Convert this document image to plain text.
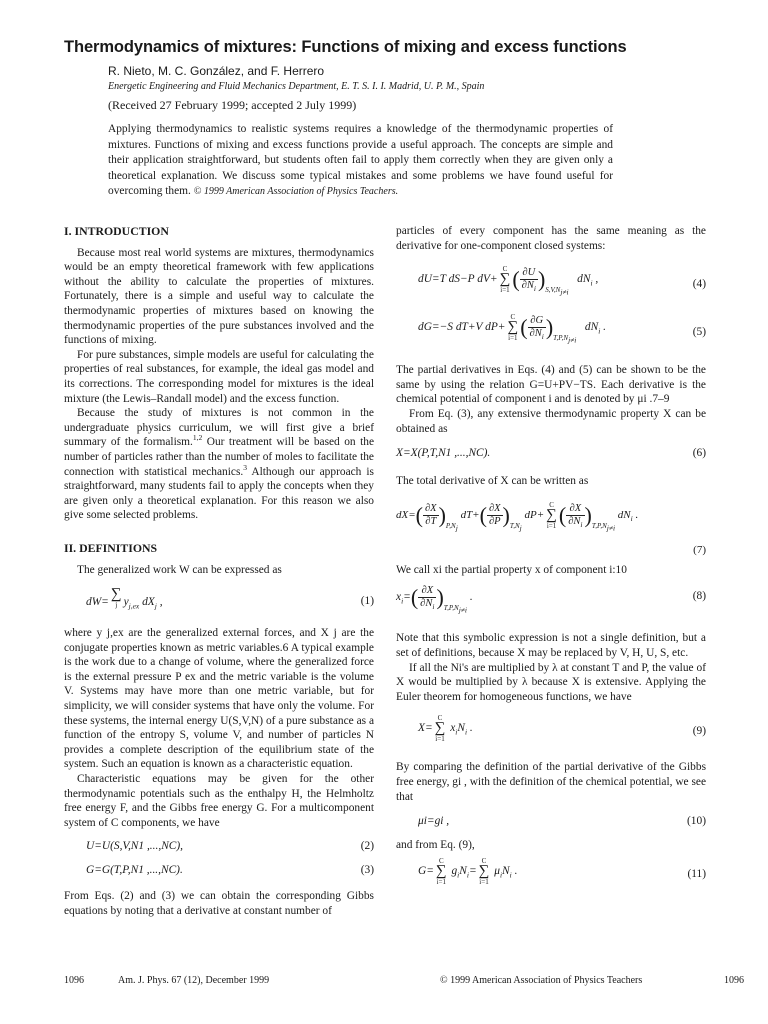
Thermodynamics of mixtures: Functions of mixing and excess functions
R. Nieto, M. C. González, and F. Herrero
Energetic Engineering and Fluid Mechanics Department, E. T. S. I. I. Madrid, U. P. M., Spain
(Received 27 February 1999; accepted 2 July 1999)
Applying thermodynamics to realistic systems requires a knowledge of the thermodynamic properties of mixtures. Functions of mixing and excess functions provide a useful approach. The concepts are simple and their application straightforward, but students often fail to apply them correctly when they are given only a theoretical explanation. We discuss some typical mistakes and some problems we have found useful for overcoming them. © 1999 American Association of Physics Teachers.

I. INTRODUCTION

Because most real world systems are mixtures, thermodynamics would be an empty theoretical framework with few applications without the ability to calculate the properties of mixtures. Fortunately, there is a simple and useful way to calculate the thermodynamic properties of mixtures based on knowing the thermodynamic properties of the pure substances involved and the functions of mixing.

For pure substances, simple models are useful for calculating the properties of real substances, for example, the ideal gas model and its corrections. The corresponding model for mixtures is the ideal mixture (the Lewis–Randall model) and the excess function.

Because the study of mixtures is not common in the undergraduate physics curriculum, we will first give a brief summary of the formalism.$^{1,2}$ Our treatment will be based on the number of particles rather than the number of moles to facilitate the connection with statistical mechanics.$^3$ Although our approach is straightforward, many students fail to apply the concepts when they are given only a theoretical explanation. For this reason we also give some selected problems.

II. DEFINITIONS

The generalized work W can be expressed as

dW=
∑
j $y_{j,ex}$ $dX_j$ ,	(1)

where y j,ex are the generalized external forces, and X j are the conjugate properties known as metric variables.6 A typical example is the work due to a change of volume, where the generalized force is the external pressure P ex and the metric variable is the volume V. Systems may have more than one metric variable, but for simplicity, we will consider systems that have only the volume. For these systems, the internal energy U(S,V,N) of a pure substance as a function of the entropy S, volume V, and number of particles N provides a complete description of the equilibrium state of the system. Such an equation is known as a characteristic equation.

Characteristic equations may be given for the other thermodynamic potentials such as the enthalpy H, the Helmholtz free energy F, and the Gibbs free energy G. For a multicomponent system of C components, we have

U=U(S,V,N1 ,...,NC),	(2)
G=G(T,P,N1 ,...,NC).	(3)

From Eqs. (2) and (3) we can obtain the corresponding Gibbs equations by noting that a derivative at constant number of

particles of every component has the same meaning as the derivative for one-component closed systems:

dU=T dS−P dV+C
∑
i=1 ( $\frac{\partial U}{\partial N_i} )_{S,V,N_{j\ne i}}$   $dN_i$ ,	(4)
dG=−S dT+V dP+C
∑
i=1 ( $\frac{\partial G}{\partial N_i} )_{T,P,N_{j\ne i}}$   $dN_i$ .	(5)

The partial derivatives in Eqs. (4) and (5) can be shown to be the same by using the relation G=U+PV−TS. Each derivative is the chemical potential of component i and is denoted by μi .7–9

From Eq. (3), any extensive thermodynamic property X can be obtained as

X=X(P,T,N1 ,...,NC).	(6)

The total derivative of X can be written as

$dX=( \frac{\partial X}{\partial T} )_{P,N_j}$ $dT+( \frac{\partial X}{\partial P} )_{T,N_j}$ dP+C
∑
i=1 ( $\frac{\partial X}{\partial N_i} )_{T,P,N_{j\ne i}}$ $dN_i$ .
(7)

We call xi the partial property x of component i:10

$x_i=( \frac{\partial X}{\partial N_i} )_{T,P,N_{j\ne i}}$ .	(8)

Note that this symbolic expression is not a single definition, but a set of definitions, because X may be replaced by V, H, U, S, etc.

If all the Ni's are multiplied by λ at constant T and P, the value of X would be multiplied by λ because X is extensive. Applying the Euler theorem for homogeneous functions, we have

X=C
∑
i=1 $x_iN_i$ .	(9)

By comparing the definition of the partial derivative of the Gibbs free energy, gi , with the definition of the chemical potential, we see that

μi=gi ,	(10)

and from Eq. (9),

G=C
∑
i=1 $g_iN_i=C$
∑
i=1 $\mu_iN_i$ .	(11)
1096	Am. J. Phys. 67 (12), December 1999	© 1999 American Association of Physics Teachers	1096
